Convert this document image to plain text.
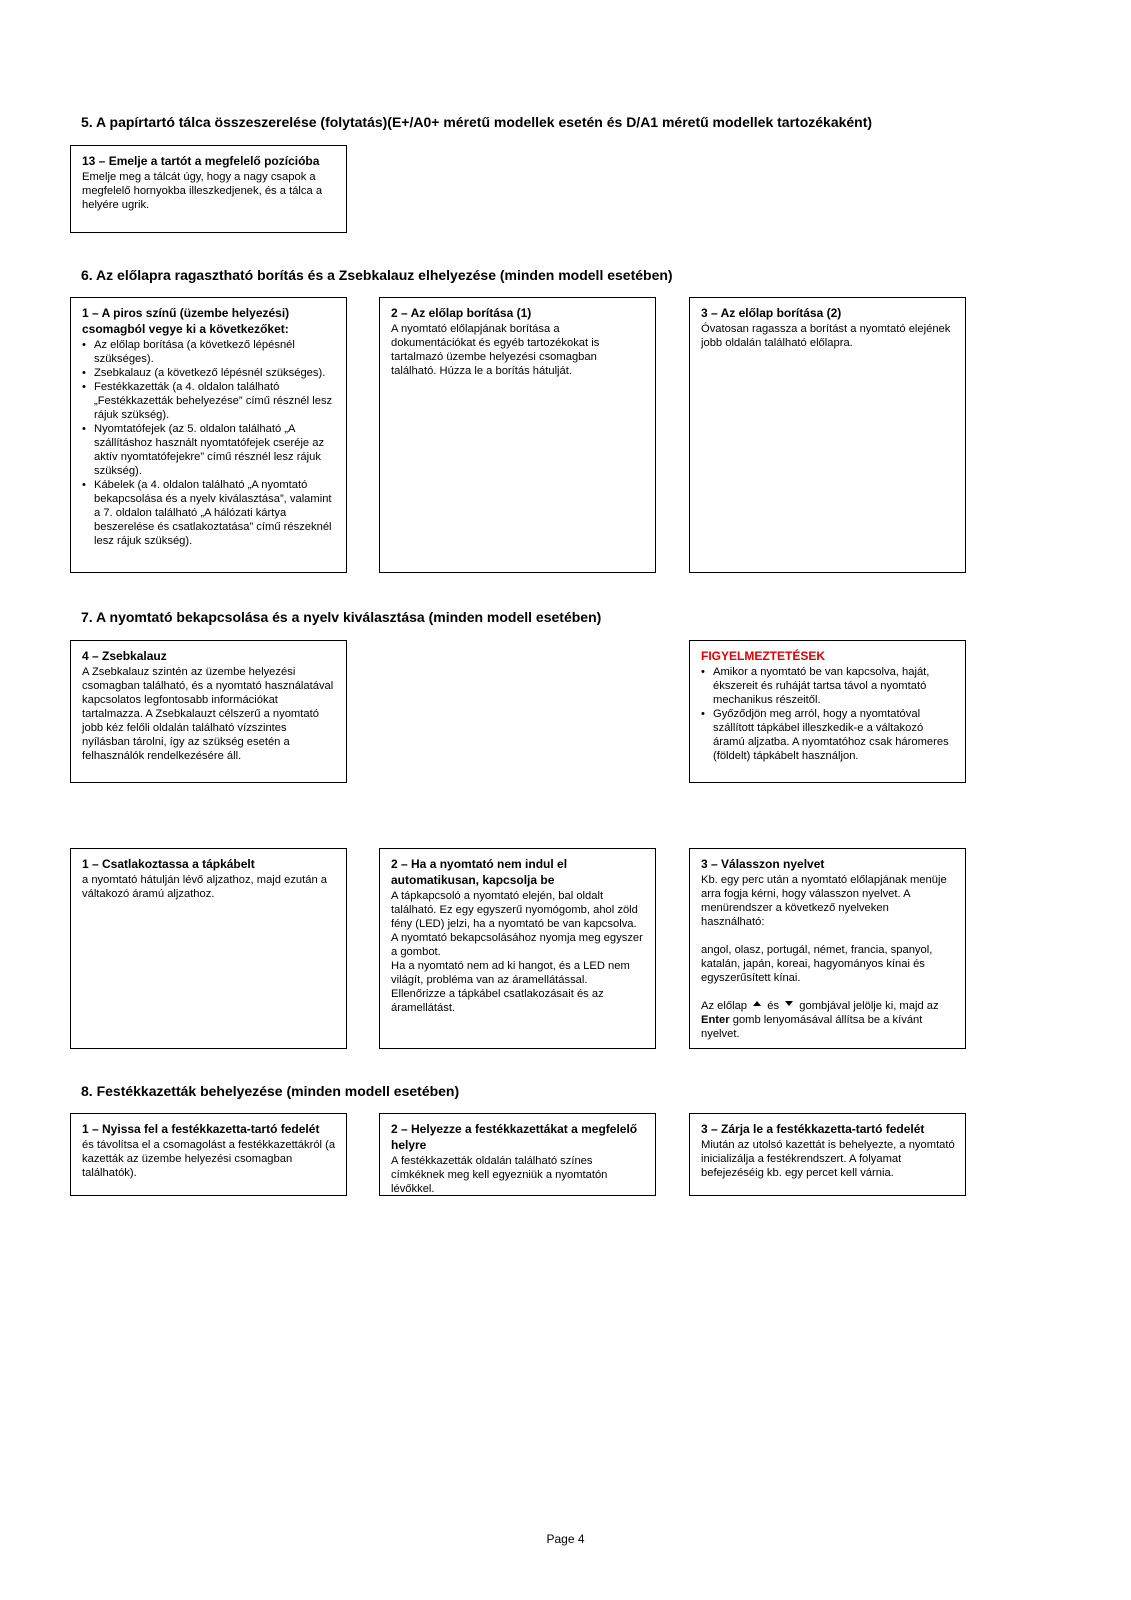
5. A papírtartó tálca összeszerelése (folytatás)(E+/A0+ méretű modellek esetén és D/A1 méretű modellek tartozékaként)

13 – Emelje a tartót a megfelelő pozícióba

Emelje meg a tálcát úgy, hogy a nagy csapok a megfelelő hornyokba illeszkedjenek, és a tálca a helyére ugrik.

6. Az előlapra ragasztható borítás és a Zsebkalauz elhelyezése (minden modell esetében)

1 – A piros színű (üzembe helyezési) csomagból vegye ki a következőket:

• Az előlap borítása (a következő lépésnél szükséges).
• Zsebkalauz (a következő lépésnél szükséges).
• Festékkazetták (a 4. oldalon található „Festékkazetták behelyezése” című résznél lesz rájuk szükség).
• Nyomtatófejek (az 5. oldalon található „A szállításhoz használt nyomtatófejek cseréje az aktív nyomtatófejekre” című résznél lesz rájuk szükség).
• Kábelek (a 4. oldalon található „A nyomtató bekapcsolása és a nyelv kiválasztása”, valamint a 7. oldalon található „A hálózati kártya beszerelése és csatlakoztatása” című részeknél lesz rájuk szükség).

2 – Az előlap borítása (1)

A nyomtató előlapjának borítása a dokumentációkat és egyéb tartozékokat is tartalmazó üzembe helyezési csomagban található. Húzza le a borítás hátulját.

3 – Az előlap borítása (2)

Óvatosan ragassza a borítást a nyomtató elejének jobb oldalán található előlapra.

7. A nyomtató bekapcsolása és a nyelv kiválasztása (minden modell esetében)

4 – Zsebkalauz

A Zsebkalauz szintén az üzembe helyezési csomagban található, és a nyomtató használatával kapcsolatos legfontosabb információkat tartalmazza. A Zsebkalauzt célszerű a nyomtató jobb kéz felőli oldalán található vízszintes nyílásban tárolni, így az szükség esetén a felhasználók rendelkezésére áll.

FIGYELMEZTETÉSEK

• Amikor a nyomtató be van kapcsolva, haját, ékszereit és ruháját tartsa távol a nyomtató mechanikus részeitől.
• Győződjön meg arról, hogy a nyomtatóval szállított tápkábel illeszkedik-e a váltakozó áramú aljzatba. A nyomtatóhoz csak háromeres (földelt) tápkábelt használjon.

1 – Csatlakoztassa a tápkábelt

a nyomtató hátulján lévő aljzathoz, majd ezután a váltakozó áramú aljzathoz.

2 – Ha a nyomtató nem indul el automatikusan, kapcsolja be

A tápkapcsoló a nyomtató elején, bal oldalt található. Ez egy egyszerű nyomógomb, ahol zöld fény (LED) jelzi, ha a nyomtató be van kapcsolva.

A nyomtató bekapcsolásához nyomja meg egyszer a gombot.

Ha a nyomtató nem ad ki hangot, és a LED nem világít, probléma van az áramellátással. Ellenőrizze a tápkábel csatlakozásait és az áramellátást.

3 – Válasszon nyelvet

Kb. egy perc után a nyomtató előlapjának menüje arra fogja kérni, hogy válasszon nyelvet. A menürendszer a következő nyelveken használható:

angol, olasz, portugál, német, francia, spanyol, katalán, japán, koreai, hagyományos kínai és egyszerűsített kínai.

Az előlap és gombjával jelölje ki, majd az Enter gomb lenyomásával állítsa be a kívánt nyelvet.

8. Festékkazetták behelyezése (minden modell esetében)

1 – Nyissa fel a festékkazetta-tartó fedelét

és távolítsa el a csomagolást a festékkazettákról (a kazetták az üzembe helyezési csomagban találhatók).

2 – Helyezze a festékkazettákat a megfelelő helyre

A festékkazetták oldalán található színes címkéknek meg kell egyezniük a nyomtatón lévőkkel.

3 – Zárja le a festékkazetta-tartó fedelét

Miután az utolsó kazettát is behelyezte, a nyomtató inicializálja a festékrendszert. A folyamat befejezéséig kb. egy percet kell várnia.

Page 4
